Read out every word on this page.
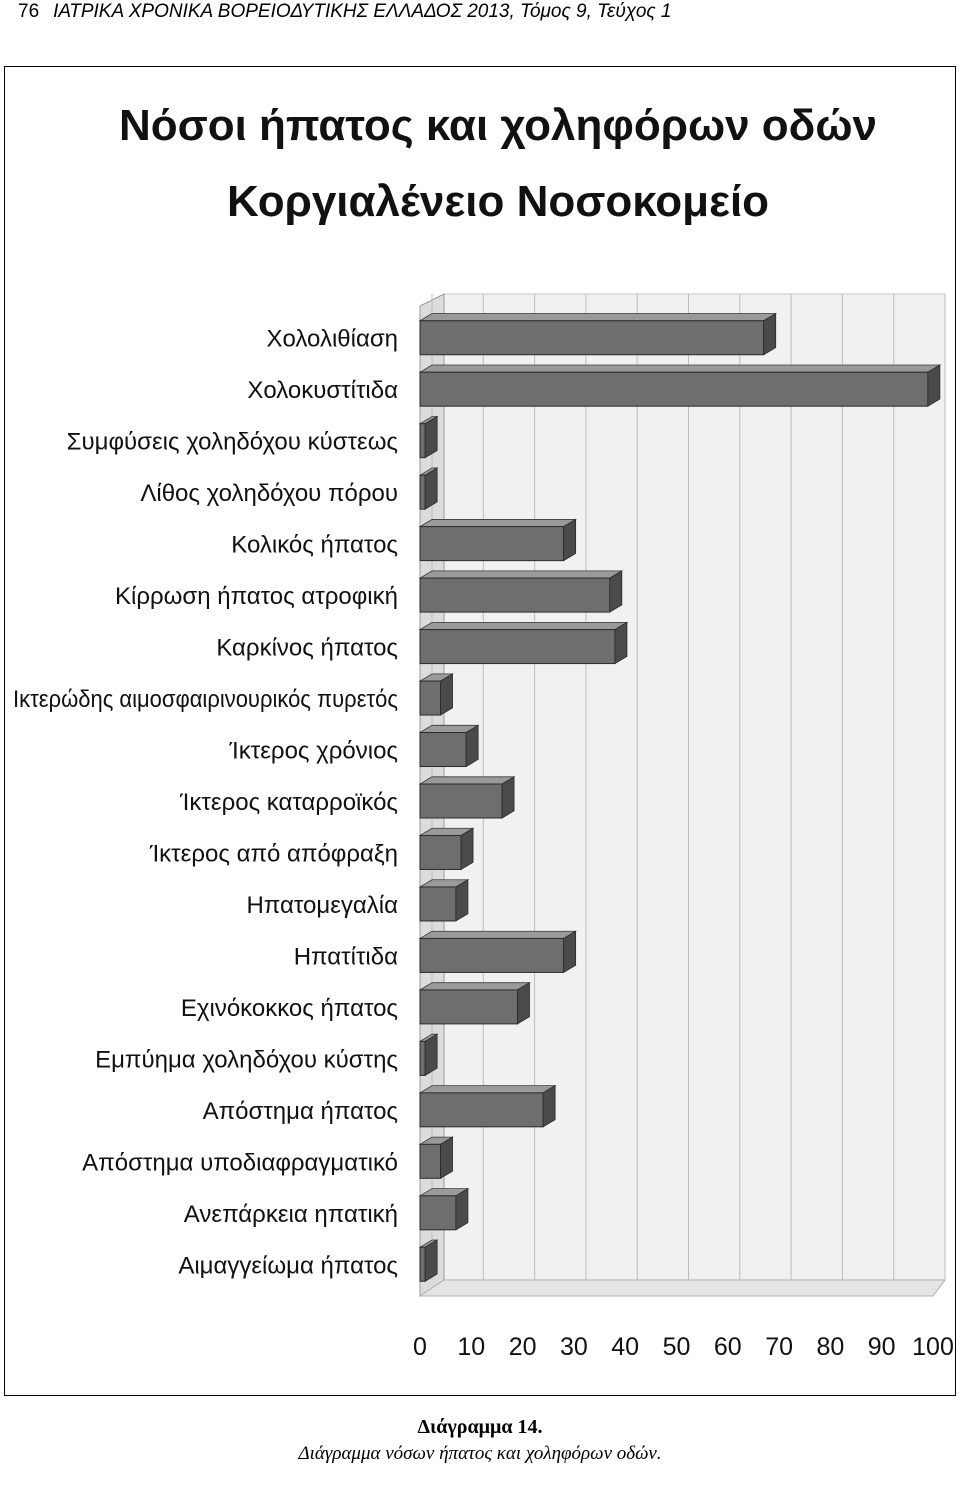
76 ΙΑΤΡΙΚΑ ΧΡΟΝΙΚΑ ΒΟΡΕΙΟΔΥΤΙΚΗΣ ΕΛΛΑΔΟΣ 2013, Τόμος 9, Τεύχος 1
Νόσοι ήπατος και χοληφόρων οδών
Κοργιαλένειο Νοσοκομείο
Χολολιθίαση
Χολοκυστίτιδα
Συμφύσεις χοληδόχου κύστεως
Λίθος χοληδόχου πόρου
Κολικός ήπατος
Κίρρωση ήπατος ατροφική
Καρκίνος ήπατος
Ικτερώδης αιμοσφαιρινουρικός πυρετός
Ίκτερος χρόνιος
Ίκτερος καταρροϊκός
Ίκτερος από απόφραξη
Ηπατομεγαλία
Ηπατίτιδα
Εχινόκοκκος ήπατος
Εμπύημα χοληδόχου κύστης
Απόστημα ήπατος
Απόστημα υποδιαφραγματικό
Ανεπάρκεια ηπατική
Αιμαγγείωμα ήπατος
0 10 20 30 40 50 60 70 80 90 100
Διάγραμμα 14.
Διάγραμμα νόσων ήπατος και χοληφόρων οδών.
